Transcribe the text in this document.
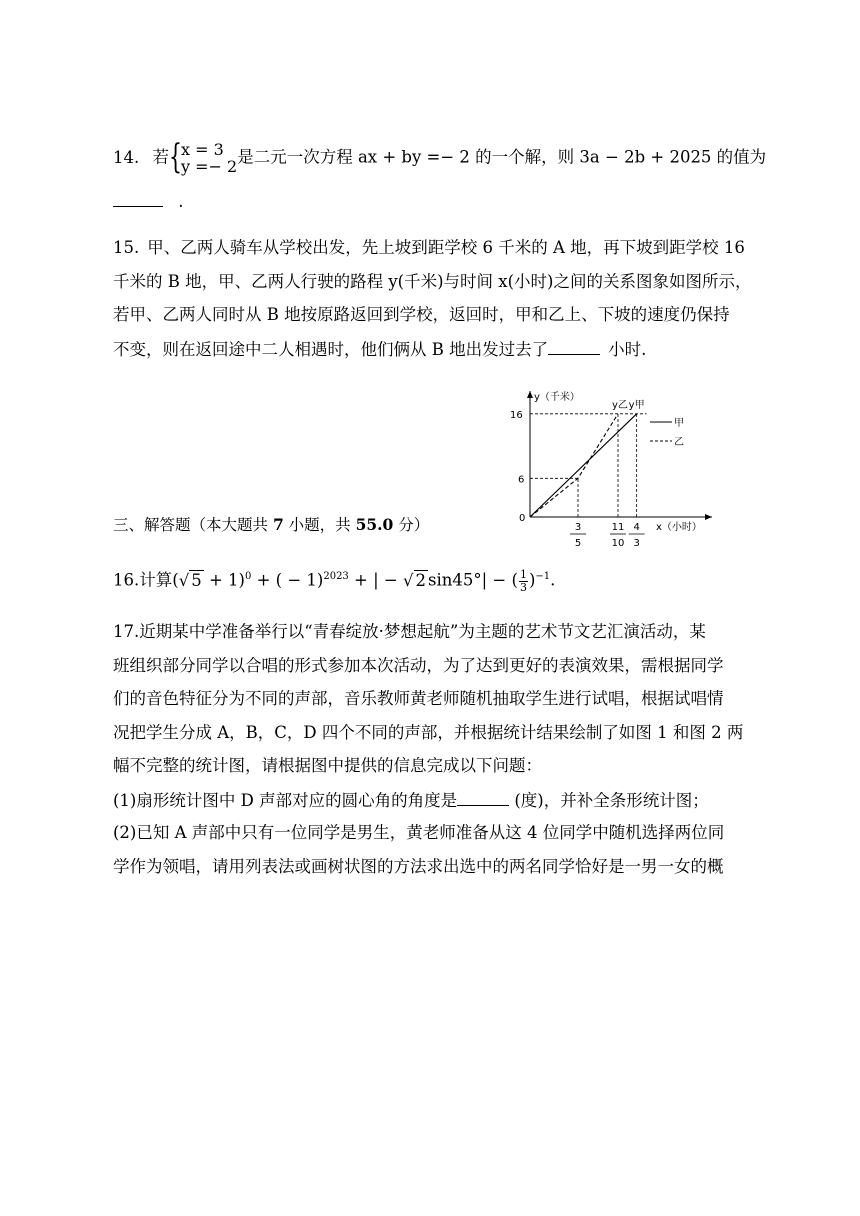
14. 若 { x = 3
y =− 2 是二元一次方程 ax + by =− 2 的一个解，则 3a − 2b + 2025 的值为
.
15. 甲、乙两人骑车从学校出发，先上坡到距学校 6 千米的 A 地，再下坡到距学校 16
千米的 B 地，甲、乙两人行驶的路程 y(千米)与时间 x(小时)之间的关系图象如图所示，
若甲、乙两人同时从 B 地按原路返回到学校，返回时，甲和乙上、下坡的速度仍保持
不变，则在返回途中二人相遇时，他们俩从 B 地出发过去了	小时.
y（千米）
x（小时）
0
6
16
3
5
11
10
4
3
y乙 y甲
甲
乙
三、解答题（本大题共 7 小题，共 55.0 分）
16.计算(√ 5 + 1)$^0$ + ( − 1)$^{2023}$ + | − √ 2 sin45°| − ( $\frac{1}{3} )^{-1}$.
17.近期某中学准备举行以“青春绽放·梦想起航”为主题的艺术节文艺汇演活动，某
班组织部分同学以合唱的形式参加本次活动，为了达到更好的表演效果，需根据同学
们的音色特征分为不同的声部，音乐教师黄老师随机抽取学生进行试唱，根据试唱情
况把学生分成 A，B，C，D 四个不同的声部，并根据统计结果绘制了如图 1 和图 2 两
幅不完整的统计图，请根据图中提供的信息完成以下问题：
(1)扇形统计图中 D 声部对应的圆心角的角度是	(度)，并补全条形统计图；
(2)已知 A 声部中只有一位同学是男生，黄老师准备从这 4 位同学中随机选择两位同
学作为领唱，请用列表法或画树状图的方法求出选中的两名同学恰好是一男一女的概
